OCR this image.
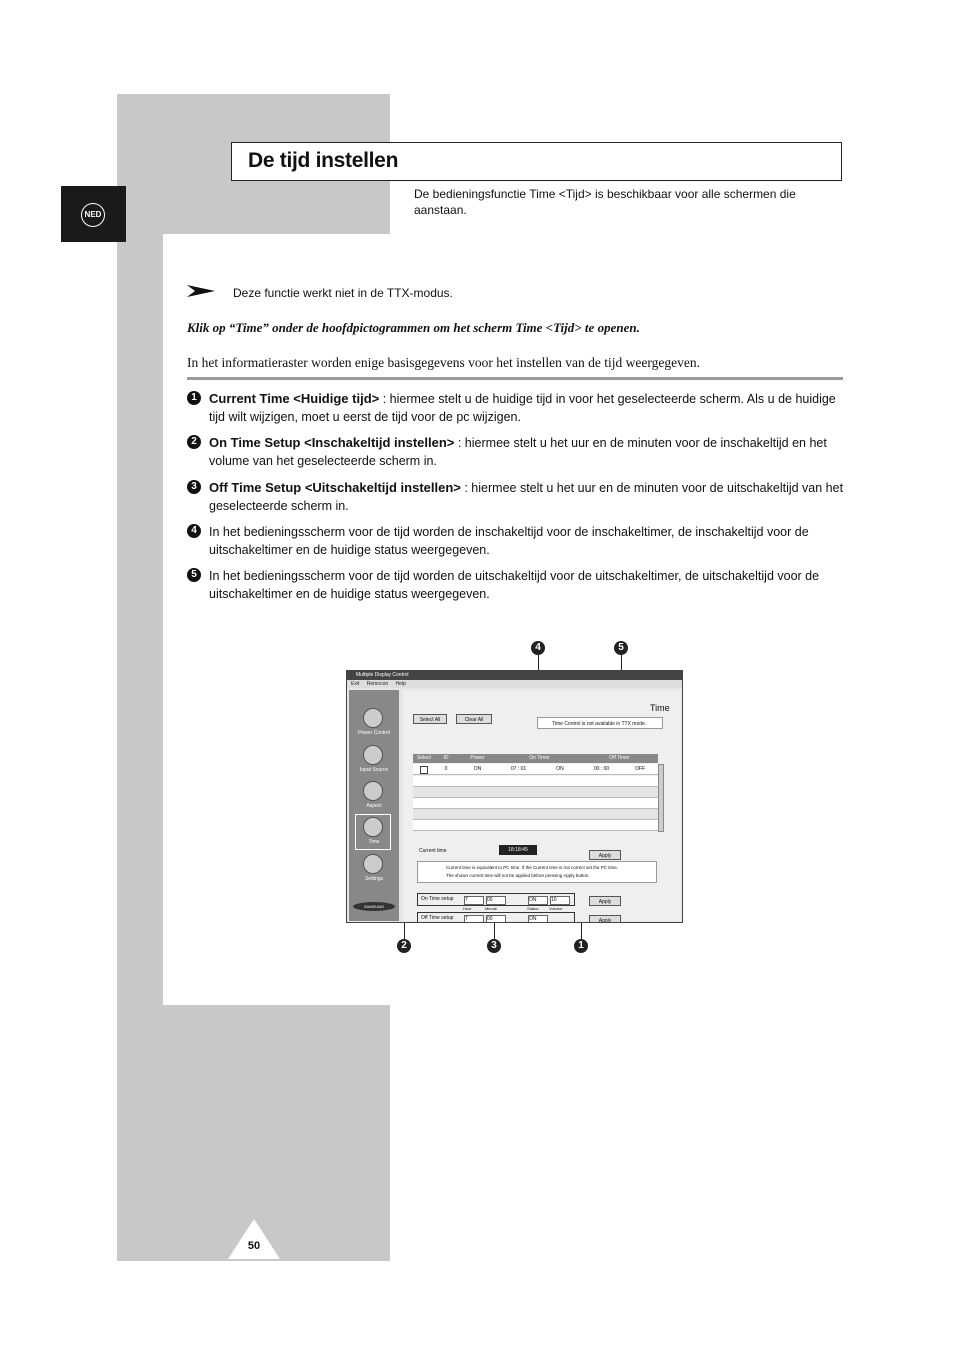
NED
De tijd instellen
De bedieningsfunctie Time <Tijd> is beschikbaar voor alle schermen die aanstaan.
Deze functie werkt niet in de TTX-modus.
Klik op “Time” onder de hoofdpictogrammen om het scherm Time <Tijd> te openen.
In het informatieraster worden enige basisgegevens voor het instellen van de tijd weergegeven.
1 Current Time <Huidige tijd> : hiermee stelt u de huidige tijd in voor het geselecteerde scherm. Als u de huidige tijd wilt wijzigen, moet u eerst de tijd voor de pc wijzigen.
2 On Time Setup <Inschakeltijd instellen> : hiermee stelt u het uur en de minuten voor de inschakeltijd en het volume van het geselecteerde scherm in.
3 Off Time Setup <Uitschakeltijd instellen> : hiermee stelt u het uur en de minuten voor de uitschakeltijd van het geselecteerde scherm in.
4 In het bedieningsscherm voor de tijd worden de inschakeltijd voor de inschakeltimer, de inschakeltijd voor de uitschakeltimer en de huidige status weergegeven.
5 In het bedieningsscherm voor de tijd worden de uitschakeltijd voor de uitschakeltimer, de uitschakeltijd voor de uitschakeltimer en de huidige status weergegeven.
4	5
2	3	1
Multiple Display Control
Exit Remocon Help
Power Control
Input Source
Aspect
Time
Settings
SAMSUNG
Time
Select All	Clear All
Time Control is not available in TTX mode.
Select	ID	Power	On Timer	Off Timer
0	ON	07 : 01	ON	00 : 00	OFF
Current time	18:18:45
Apply
Current time is equivalent to PC time. If the Current time is not correct set the PC time.
The shown current time will not be applied before pressing Apply button.
On Time setup 7	00	ON	10
Hour	Minute	Status	Volume
Apply
Off Time setup 7	00	ON	Apply
50
